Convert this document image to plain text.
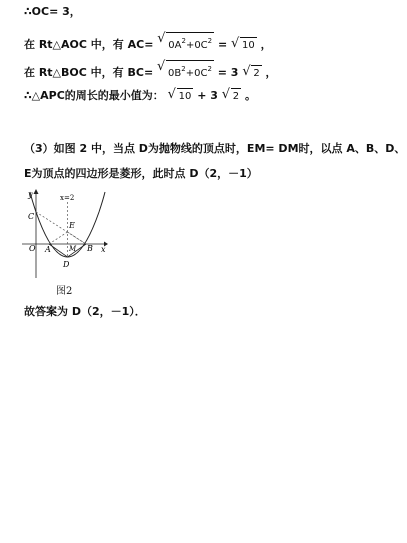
∴OC= 3，
在 Rt△AOC 中，有 AC= √ $0A^2+0C^2$ = √ 10 ，
在 Rt△BOC 中，有 BC= √ $0B^2+0C^2 = 3$ √ 2 ，
∴△APC的周长的最小值为： √ 10 + 3 √ 2 。
（3）如图 2 中，当点 D为抛物线的顶点时，EM= DM时，以点 A、B、D、
E为顶点的四边形是菱形，此时点 D（2，－1）
y	x=2
C
E
O A	M B x
D
图2
故答案为 D（2，－1）．
